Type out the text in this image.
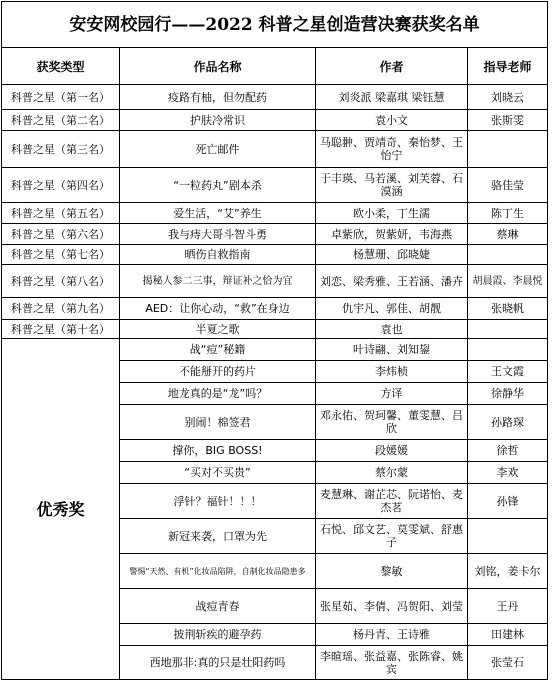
安安网校园行——2022 科普之星创造营决赛获奖名单			
获奖类型	作品名称	作者	指导老师
科普之星（第一名）	疫路有柚，但勿配药	刘炎派 梁嘉琪 梁钰慧	刘晓云
科普之星（第二名）	护肤冷常识	袁小文	张斯雯
科普之星（第三名）	死亡邮件	马聪翀、贾靖奇、秦怡梦、王怡宁	
科普之星（第四名）	“一粒药丸”剧本杀	于丰瑛、马若溪、刘芙蓉、石漠涵	骆佳莹
科普之星（第五名）	爱生活，“艾”养生	欧小柔，丁生濡	陈丁生
科普之星（第六名）	我与痔大哥斗智斗勇	卓紫欣，贺紫妍，韦海燕	蔡琳
科普之星（第七名）	晒伤自救指南	杨慧珊、邱晓婕	
科普之星（第八名）	揭秘人参二三事，辩证补之恰为宜	刘恋、梁秀雅、王若涵、潘卉	胡晨霞、李晨悦
科普之星（第九名）	AED：让你心动，“救”在身边	仇宇凡、郭佳、胡靓	张晓帆
科普之星（第十名）	半夏之歌	袁也	
优秀奖	战“痘”秘籍	叶诗翮、刘知鋆	
	不能掰开的药片	李炜桢	王文霞
	地龙真的是“龙”吗？	方译	徐静华
	别闹！棉签君	邓永佑、贺珂馨、董雯慧、吕欣	孙路琛
	撑你，BIG BOSS!	段媛媛	徐哲
	“买对不买贵”	蔡尔蒙	李欢
	浮针？福针！！！	麦慧琳、谢芷芯、阮诺怡、麦杰茗	孙锋
	新冠来袭，口罩为先	石悦、邱文艺、莫雯斌、舒惠子	
	警惕“天然、有机”化妆品陷阱，自制化妆品隐患多	黎敏	刘铭，姜卡尔
	战痘青春	张星茹、李倩、冯贺阳、刘莹	王丹
	披荆斩疾的避孕药	杨丹青、王诗雅	田建林
	西地那非:真的只是壮阳药吗	李暄瑶、张益嘉、张陈睿、姚宾	张莹石
